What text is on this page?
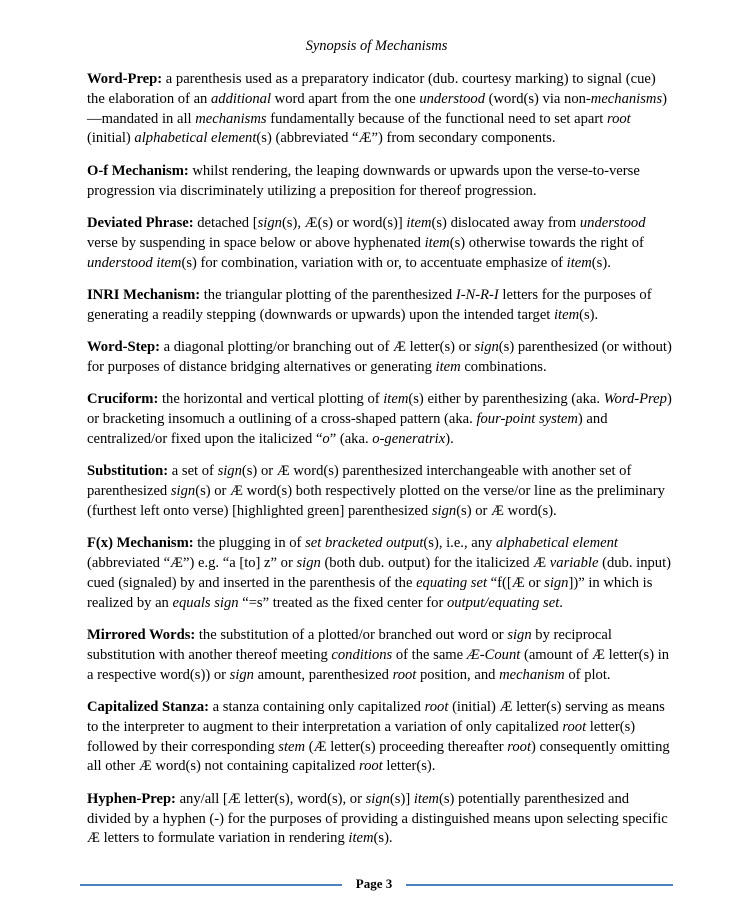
Synopsis of Mechanisms

Word-Prep: a parenthesis used as a preparatory indicator (dub. courtesy marking) to signal (cue) the elaboration of an additional word apart from the one understood (word(s) via non-mechanisms)—mandated in all mechanisms fundamentally because of the functional need to set apart root (initial) alphabetical element(s) (abbreviated “Æ”) from secondary components.

O-f Mechanism: whilst rendering, the leaping downwards or upwards upon the verse-to-verse progression via discriminately utilizing a preposition for thereof progression.

Deviated Phrase: detached [sign(s), Æ(s) or word(s)] item(s) dislocated away from understood verse by suspending in space below or above hyphenated item(s) otherwise towards the right of understood item(s) for combination, variation with or, to accentuate emphasize of item(s).

INRI Mechanism: the triangular plotting of the parenthesized I-N-R-I letters for the purposes of generating a readily stepping (downwards or upwards) upon the intended target item(s).

Word-Step: a diagonal plotting/or branching out of Æ letter(s) or sign(s) parenthesized (or without) for purposes of distance bridging alternatives or generating item combinations.

Cruciform: the horizontal and vertical plotting of item(s) either by parenthesizing (aka. Word-Prep) or bracketing insomuch a outlining of a cross-shaped pattern (aka. four-point system) and centralized/or fixed upon the italicized “o” (aka. o-generatrix).

Substitution: a set of sign(s) or Æ word(s) parenthesized interchangeable with another set of parenthesized sign(s) or Æ word(s) both respectively plotted on the verse/or line as the preliminary (furthest left onto verse) [highlighted green] parenthesized sign(s) or Æ word(s).

F(x) Mechanism: the plugging in of set bracketed output(s), i.e., any alphabetical element (abbreviated “Æ”) e.g. “a [to] z” or sign (both dub. output) for the italicized Æ variable (dub. input) cued (signaled) by and inserted in the parenthesis of the equating set “f([Æ or sign])” in which is realized by an equals sign “=s” treated as the fixed center for output/equating set.

Mirrored Words: the substitution of a plotted/or branched out word or sign by reciprocal substitution with another thereof meeting conditions of the same Æ-Count (amount of Æ letter(s) in a respective word(s)) or sign amount, parenthesized root position, and mechanism of plot.

Capitalized Stanza: a stanza containing only capitalized root (initial) Æ letter(s) serving as means to the interpreter to augment to their interpretation a variation of only capitalized root letter(s) followed by their corresponding stem (Æ letter(s) proceeding thereafter root) consequently omitting all other Æ word(s) not containing capitalized root letter(s).

Hyphen-Prep: any/all [Æ letter(s), word(s), or sign(s)] item(s) potentially parenthesized and divided by a hyphen (-) for the purposes of providing a distinguished means upon selecting specific Æ letters to formulate variation in rendering item(s).

Page 3
